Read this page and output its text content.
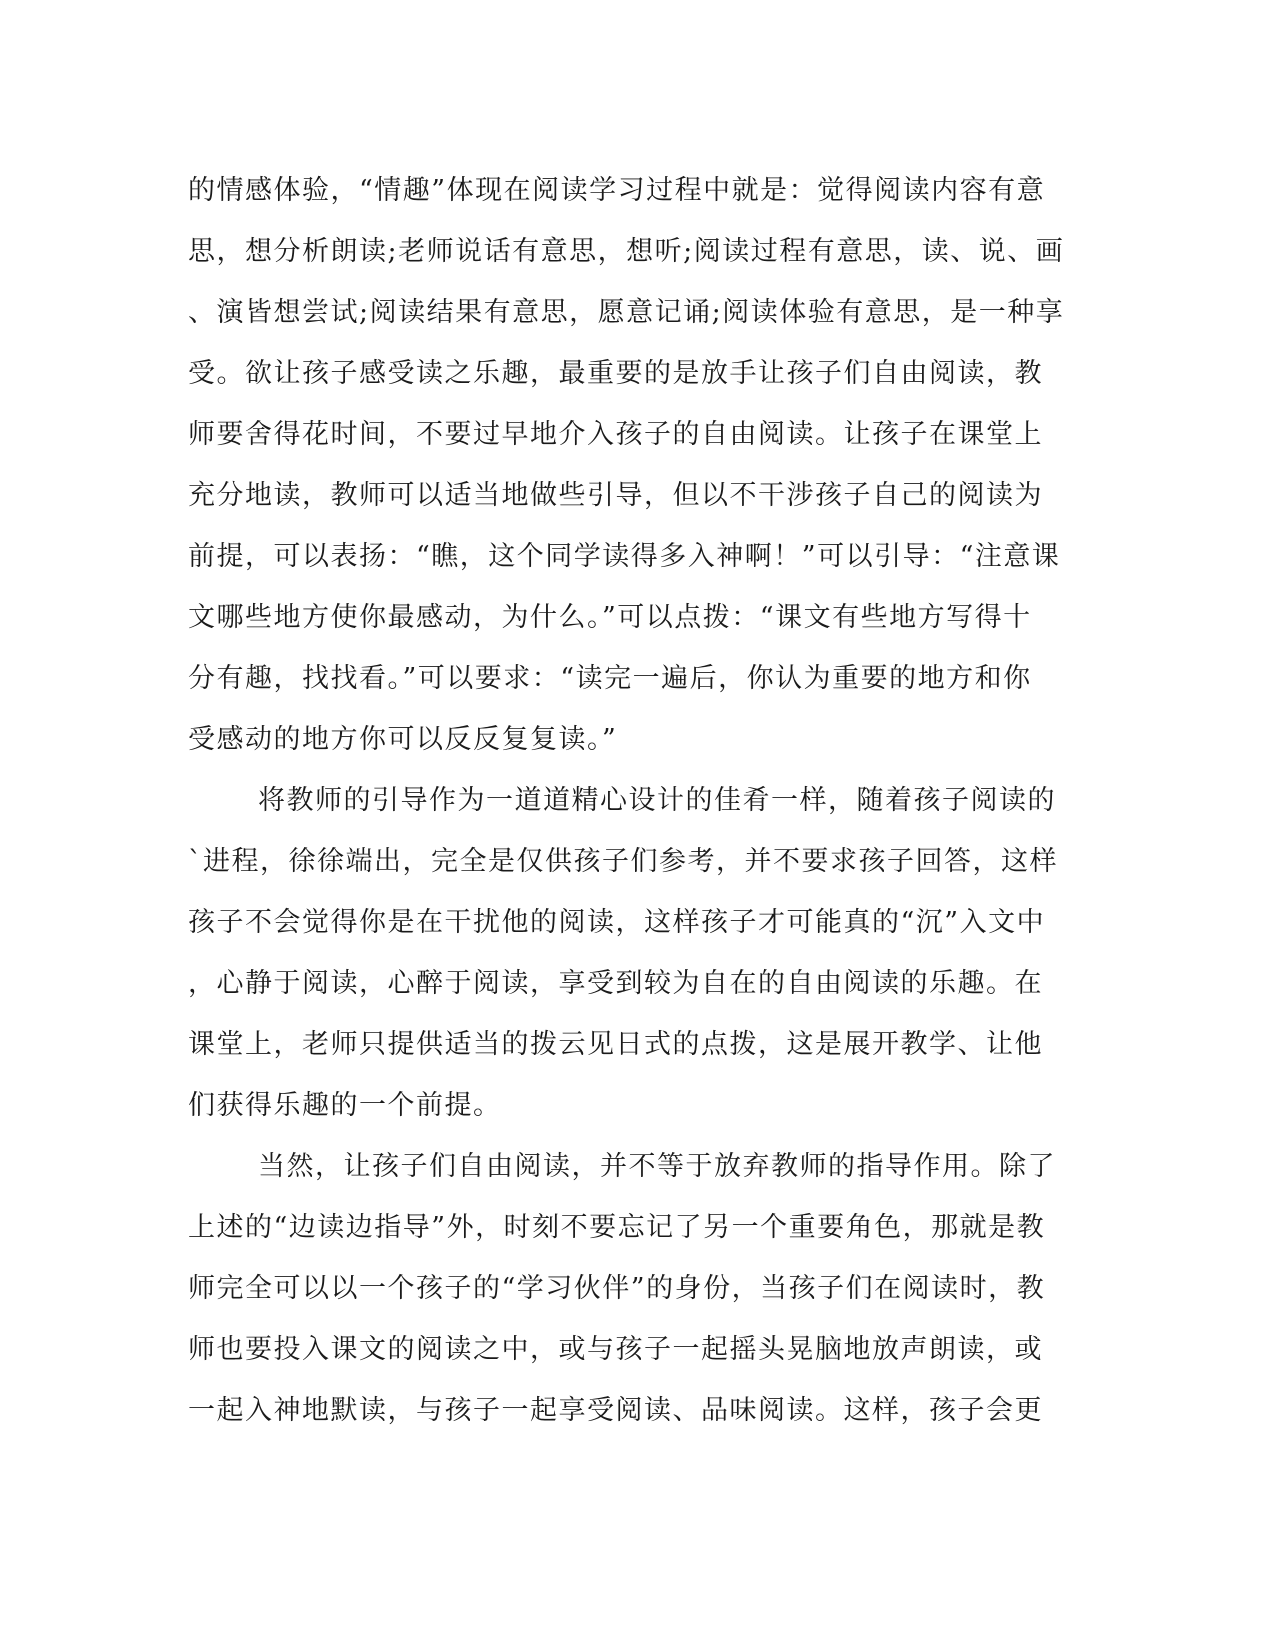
的情感体验，“情趣”体现在阅读学习过程中就是：觉得阅读内容有意
思，想分析朗读;老师说话有意思，想听;阅读过程有意思，读、说、画
、演皆想尝试;阅读结果有意思，愿意记诵;阅读体验有意思，是一种享
受。欲让孩子感受读之乐趣，最重要的是放手让孩子们自由阅读，教
师要舍得花时间，不要过早地介入孩子的自由阅读。让孩子在课堂上
充分地读，教师可以适当地做些引导，但以不干涉孩子自己的阅读为
前提，可以表扬：“瞧，这个同学读得多入神啊！”可以引导：“注意课
文哪些地方使你最感动，为什么。”可以点拨：“课文有些地方写得十
分有趣，找找看。”可以要求：“读完一遍后，你认为重要的地方和你
受感动的地方你可以反反复复读。”
将教师的引导作为一道道精心设计的佳肴一样，随着孩子阅读的
`进程，徐徐端出，完全是仅供孩子们参考，并不要求孩子回答，这样
孩子不会觉得你是在干扰他的阅读，这样孩子才可能真的“沉”入文中
，心静于阅读，心醉于阅读，享受到较为自在的自由阅读的乐趣。在
课堂上，老师只提供适当的拨云见日式的点拨，这是展开教学、让他
们获得乐趣的一个前提。
当然，让孩子们自由阅读，并不等于放弃教师的指导作用。除了
上述的“边读边指导”外，时刻不要忘记了另一个重要角色，那就是教
师完全可以以一个孩子的“学习伙伴”的身份，当孩子们在阅读时，教
师也要投入课文的阅读之中，或与孩子一起摇头晃脑地放声朗读，或
一起入神地默读，与孩子一起享受阅读、品味阅读。这样，孩子会更
